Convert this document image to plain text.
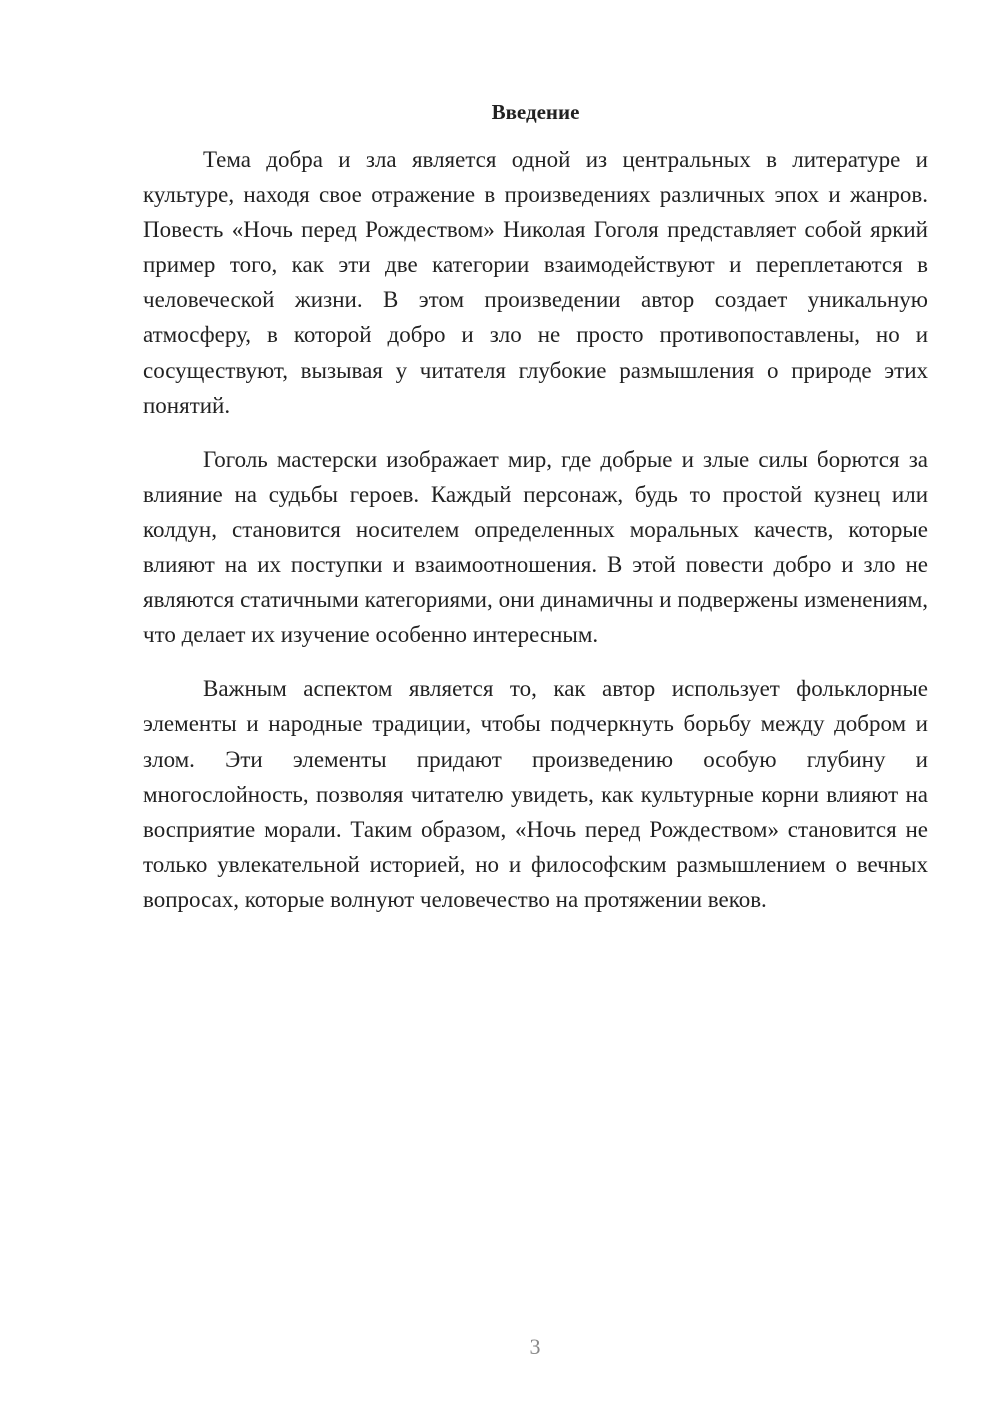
Введение

Тема добра и зла является одной из центральных в литературе и культуре, находя свое отражение в произведениях различных эпох и жанров. Повесть «Ночь перед Рождеством» Николая Гоголя представляет собой яркий пример того, как эти две категории взаимодействуют и переплетаются в человеческой жизни. В этом произведении автор создает уникальную атмосферу, в которой добро и зло не просто противопоставлены, но и сосуществуют, вызывая у читателя глубокие размышления о природе этих понятий.

Гоголь мастерски изображает мир, где добрые и злые силы борются за влияние на судьбы героев. Каждый персонаж, будь то простой кузнец или колдун, становится носителем определенных моральных качеств, которые влияют на их поступки и взаимоотношения. В этой повести добро и зло не являются статичными категориями, они динамичны и подвержены изменениям, что делает их изучение особенно интересным.

Важным аспектом является то, как автор использует фольклорные элементы и народные традиции, чтобы подчеркнуть борьбу между добром и злом. Эти элементы придают произведению особую глубину и многослойность, позволяя читателю увидеть, как культурные корни влияют на восприятие морали. Таким образом, «Ночь перед Рождеством» становится не только увлекательной историей, но и философским размышлением о вечных вопросах, которые волнуют человечество на протяжении веков.

3
